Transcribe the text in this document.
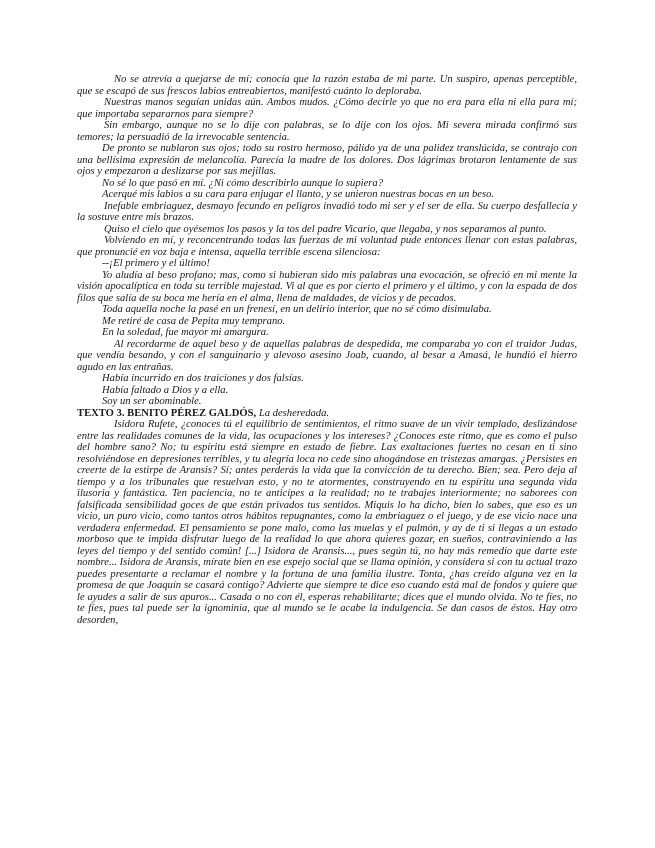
No se atrevía a quejarse de mí; conocía que la razón estaba de mi parte. Un suspiro, apenas perceptible, que se escapó de sus frescos labios entreabiertos, manifestó cuánto lo deploraba.

Nuestras manos seguían unidas aún. Ambos mudos. ¿Cómo decirle yo que no era para ella ni ella para mí; que importaba separarnos para siempre?

Sin embargo, aunque no se lo dije con palabras, se lo dije con los ojos. Mi severa mirada confirmó sus temores; la persuadió de la irrevocable sentencia.

De pronto se nublaron sus ojos; todo su rostro hermoso, pálido ya de una palidez translúcida, se contrajo con una bellísima expresión de melancolía. Parecía la madre de los dolores. Dos lágrimas brotaron lentamente de sus ojos y empezaron a deslizarse por sus mejillas.

No sé lo que pasó en mí. ¿Ni cómo describirlo aunque lo supiera?

Acerqué mis labios a su cara para enjugar el llanto, y se unieron nuestras bocas en un beso.

Inefable embriaguez, desmayo fecundo en peligros invadió todo mi ser y el ser de ella. Su cuerpo desfallecía y la sostuve entre mis brazos.

Quiso el cielo que oyésemos los pasos y la tos del padre Vicario, que llegaba, y nos separamos al punto.

Volviendo en mí, y reconcentrando todas las fuerzas de mi voluntad pude entonces llenar con estas palabras, que pronuncié en voz baja e intensa, aquella terrible escena silenciosa:

--¡El primero y el último!

Yo aludía al beso profano; mas, como si hubieran sido mis palabras una evocación, se ofreció en mi mente la visión apocalíptica en toda su terrible majestad. Vi al que es por cierto el primero y el último, y con la espada de dos filos que salía de su boca me hería en el alma, llena de maldades, de vicios y de pecados.

Toda aquella noche la pasé en un frenesí, en un delirio interior, que no sé cómo disimulaba.

Me retiré de casa de Pepita muy temprano.

En la soledad, fue mayor mi amargura.

Al recordarme de aquel beso y de aquellas palabras de despedida, me comparaba yo con el traidor Judas, que vendía besando, y con el sanguinario y alevoso asesino Joab, cuando, al besar a Amasá, le hundió el hierro agudo en las entrañas.

Había incurrido en dos traiciones y dos falsías.

Había faltado a Dios y a ella.

Soy un ser abominable.

TEXTO 3. BENITO PÉREZ GALDÓS, La desheredada.

Isidora Rufete, ¿conoces tú el equilibrio de sentimientos, el ritmo suave de un vivir templado, deslizándose entre las realidades comunes de la vida, las ocupaciones y los intereses? ¿Conoces este ritmo, que es como el pulso del hombre sano? No; tu espíritu está siempre en estado de fiebre. Las exaltaciones fuertes no cesan en ti sino resolviéndose en depresiones terribles, y tu alegría loca no cede sino ahogándose en tristezas amargas. ¿Persistes en creerte de la estirpe de Aransis? Sí; antes perderás la vida que la convicción de tu derecho. Bien; sea. Pero deja al tiempo y a los tribunales que resuelvan esto, y no te atormentes, construyendo en tu espíritu una segunda vida ilusoria y fantástica. Ten paciencia, no te anticipes a la realidad; no te trabajes interiormente; no saborees con falsificada sensibilidad goces de que están privados tus sentidos. Miquis lo ha dicho, bien lo sabes, que eso es un vicio, un puro vicio, como tantos otros hábitos repugnantes, como la embriaguez o el juego, y de ese vicio nace una verdadera enfermedad. El pensamiento se pone malo, como las muelas y el pulmón, y ay de ti si llegas a un estado morboso que te impida disfrutar luego de la realidad lo que ahora quieres gozar, en sueños, contraviniendo a las leyes del tiempo y del sentido común! [...] Isidora de Aransis..., pues según tú, no hay más remedio que darte este nombre... Isidora de Aransis, mírate bien en ese espejo social que se llama opinión, y considera si con tu actual trazo puedes presentarte a reclamar el nombre y la fortuna de una familia ilustre. Tonta, ¿has creído alguna vez en la promesa de que Joaquín se casará contigo? Advierte que siempre te dice eso cuando está mal de fondos y quiere que le ayudes a salir de sus apuros... Casada o no con él, esperas rehabilitarte; dices que el mundo olvida. No te fíes, no te fíes, pues tal puede ser la ignominia, que al mundo se le acabe la indulgencia. Se dan casos de éstos. Hay otro desorden,
